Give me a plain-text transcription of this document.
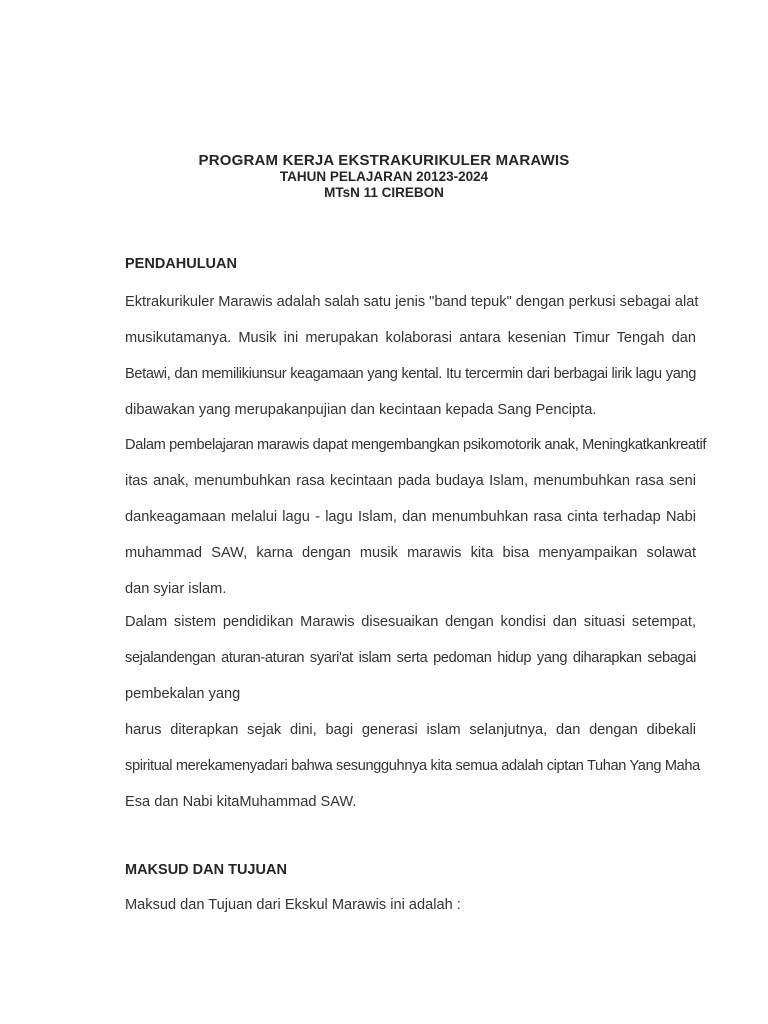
PROGRAM KERJA EKSTRAKURIKULER MARAWIS
TAHUN PELAJARAN 20123-2024
MTsN 11 CIREBON
PENDAHULUAN
Ektrakurikuler Marawis adalah salah satu jenis "band tepuk" dengan perkusi sebagai alat
musikutamanya. Musik ini merupakan kolaborasi antara kesenian Timur Tengah dan
Betawi, dan memilikiunsur keagamaan yang kental. Itu tercermin dari berbagai lirik lagu yang
dibawakan yang merupakanpujian dan kecintaan kepada Sang Pencipta.
Dalam pembelajaran marawis dapat mengembangkan psikomotorik anak, Meningkatkankreatif
itas anak, menumbuhkan rasa kecintaan pada budaya Islam, menumbuhkan rasa seni
dankeagamaan melalui lagu - lagu Islam, dan menumbuhkan rasa cinta terhadap Nabi
muhammad SAW, karna dengan musik marawis kita bisa menyampaikan solawat
dan syiar islam.
Dalam sistem pendidikan Marawis disesuaikan dengan kondisi dan situasi setempat,
sejalandengan aturan-aturan syari'at islam serta pedoman hidup yang diharapkan sebagai
pembekalan yang
harus diterapkan sejak dini, bagi generasi islam selanjutnya, dan dengan dibekali
spiritual merekamenyadari bahwa sesungguhnya kita semua adalah ciptan Tuhan Yang Maha
Esa dan Nabi kitaMuhammad SAW.
MAKSUD DAN TUJUAN
Maksud dan Tujuan dari Ekskul Marawis ini adalah :
